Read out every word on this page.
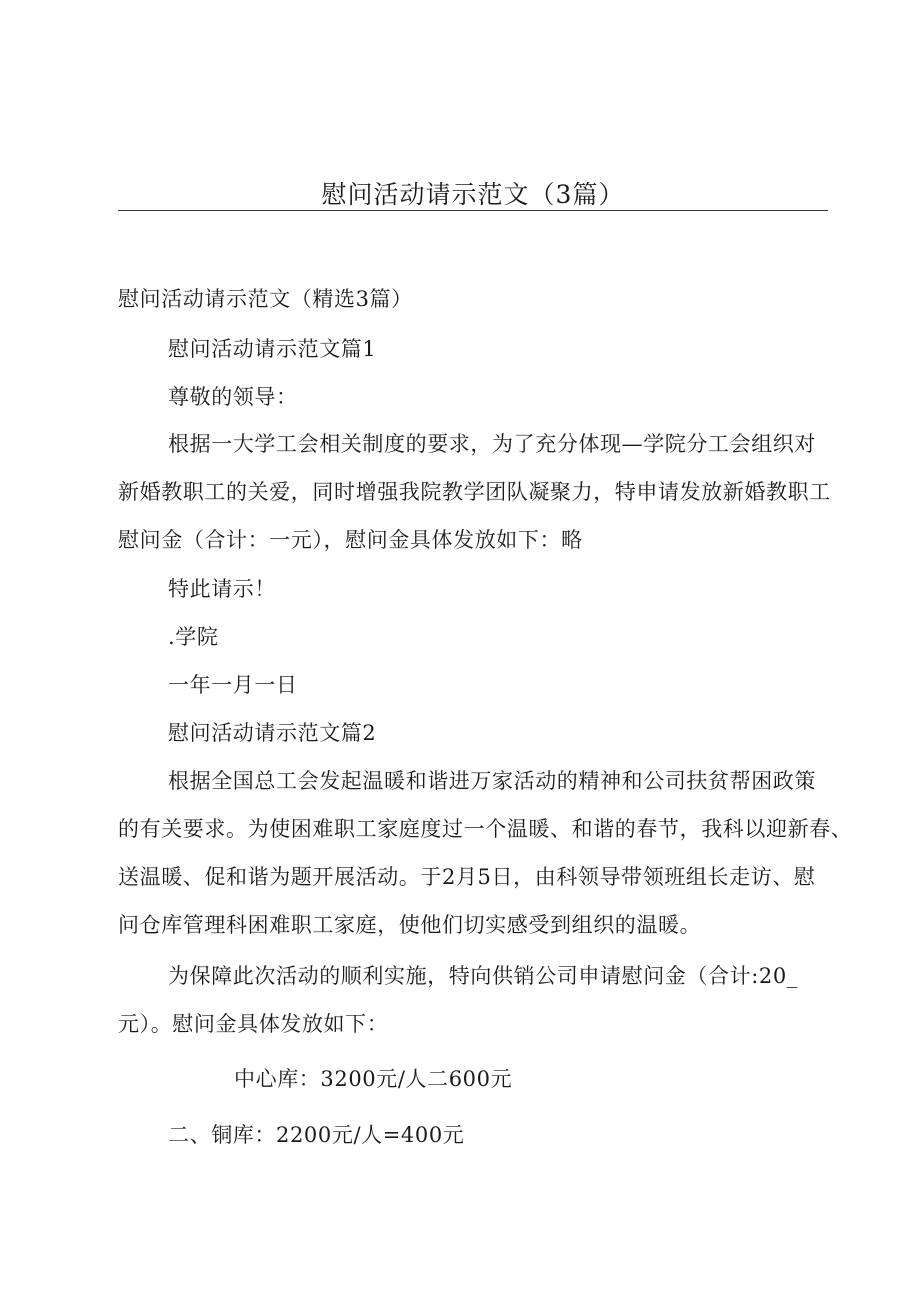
慰问活动请示范文（3篇）
慰问活动请示范文（精选3篇）
慰问活动请示范文篇1
尊敬的领导：
根据一大学工会相关制度的要求，为了充分体现—学院分工会组织对
新婚教职工的关爱，同时增强我院教学团队凝聚力，特申请发放新婚教职工
慰问金（合计：一元），慰问金具体发放如下：略
特此请示！
.学院
一年一月一日
慰问活动请示范文篇2
根据全国总工会发起温暖和谐进万家活动的精神和公司扶贫帮困政策
的有关要求。为使困难职工家庭度过一个温暖、和谐的春节，我科以迎新春、
送温暖、促和谐为题开展活动。于2月5日，由科领导带领班组长走访、慰
问仓库管理科困难职工家庭，使他们切实感受到组织的温暖。
为保障此次活动的顺利实施，特向供销公司申请慰问金（合计:20_
元）。慰问金具体发放如下：
中心库：3200元/人二600元
二、铜库：2200元/人=400元
